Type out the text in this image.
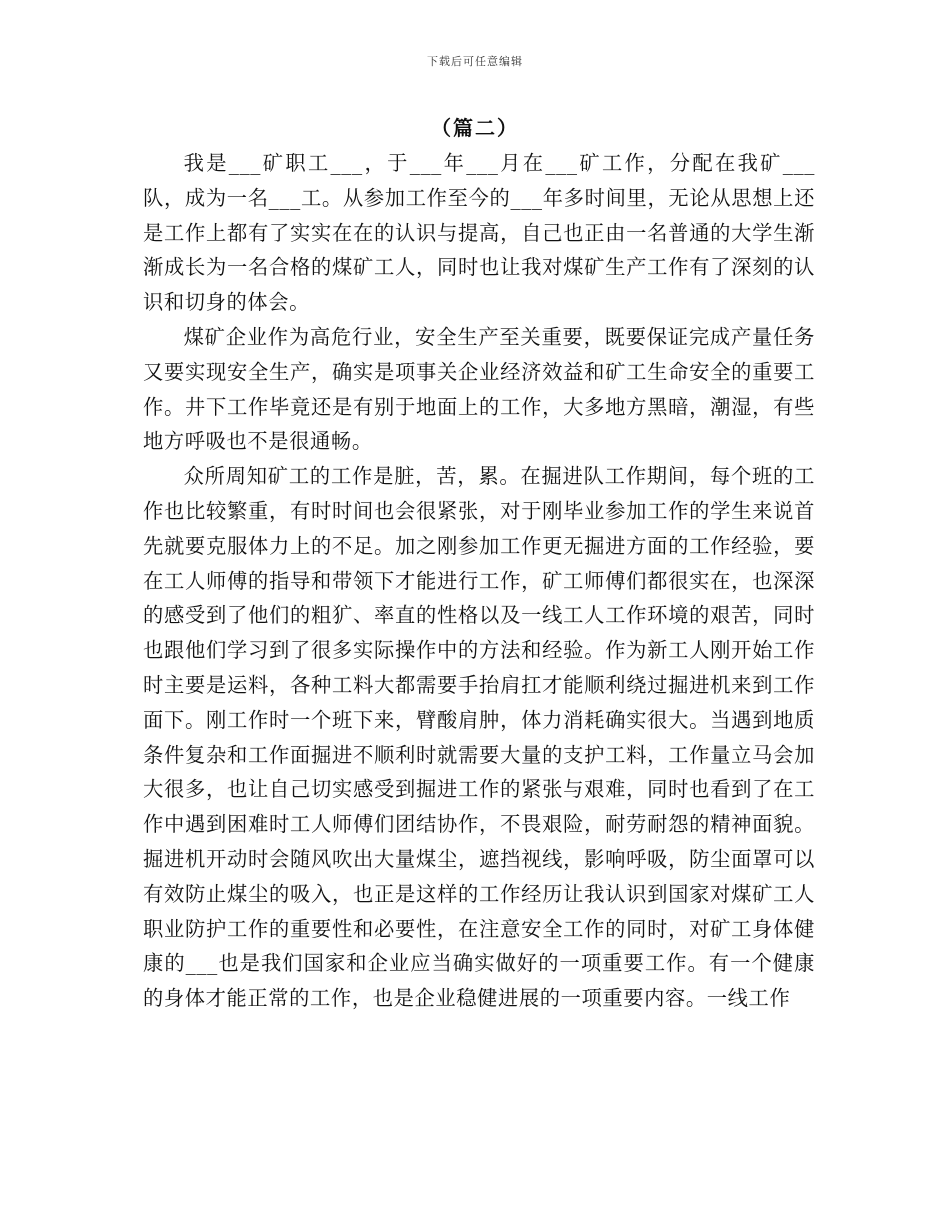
下载后可任意编辑
（篇二）

我是___矿职工___，于___年___月在___矿工作，分配在我矿___队，成为一名___工。从参加工作至今的___年多时间里，无论从思想上还是工作上都有了实实在在的认识与提高，自己也正由一名普通的大学生渐渐成长为一名合格的煤矿工人，同时也让我对煤矿生产工作有了深刻的认识和切身的体会。

煤矿企业作为高危行业，安全生产至关重要，既要保证完成产量任务又要实现安全生产，确实是项事关企业经济效益和矿工生命安全的重要工作。井下工作毕竟还是有别于地面上的工作，大多地方黑暗，潮湿，有些地方呼吸也不是很通畅。

众所周知矿工的工作是脏，苦，累。在掘进队工作期间，每个班的工作也比较繁重，有时时间也会很紧张，对于刚毕业参加工作的学生来说首先就要克服体力上的不足。加之刚参加工作更无掘进方面的工作经验，要在工人师傅的指导和带领下才能进行工作，矿工师傅们都很实在，也深深的感受到了他们的粗犷、率直的性格以及一线工人工作环境的艰苦，同时也跟他们学习到了很多实际操作中的方法和经验。作为新工人刚开始工作时主要是运料，各种工料大都需要手抬肩扛才能顺利绕过掘进机来到工作面下。刚工作时一个班下来，臂酸肩肿，体力消耗确实很大。当遇到地质条件复杂和工作面掘进不顺利时就需要大量的支护工料，工作量立马会加大很多，也让自己切实感受到掘进工作的紧张与艰难，同时也看到了在工作中遇到困难时工人师傅们团结协作，不畏艰险，耐劳耐怨的精神面貌。掘进机开动时会随风吹出大量煤尘，遮挡视线，影响呼吸，防尘面罩可以有效防止煤尘的吸入，也正是这样的工作经历让我认识到国家对煤矿工人职业防护工作的重要性和必要性，在注意安全工作的同时，对矿工身体健康的___也是我们国家和企业应当确实做好的一项重要工作。有一个健康的身体才能正常的工作，也是企业稳健进展的一项重要内容。一线工作
